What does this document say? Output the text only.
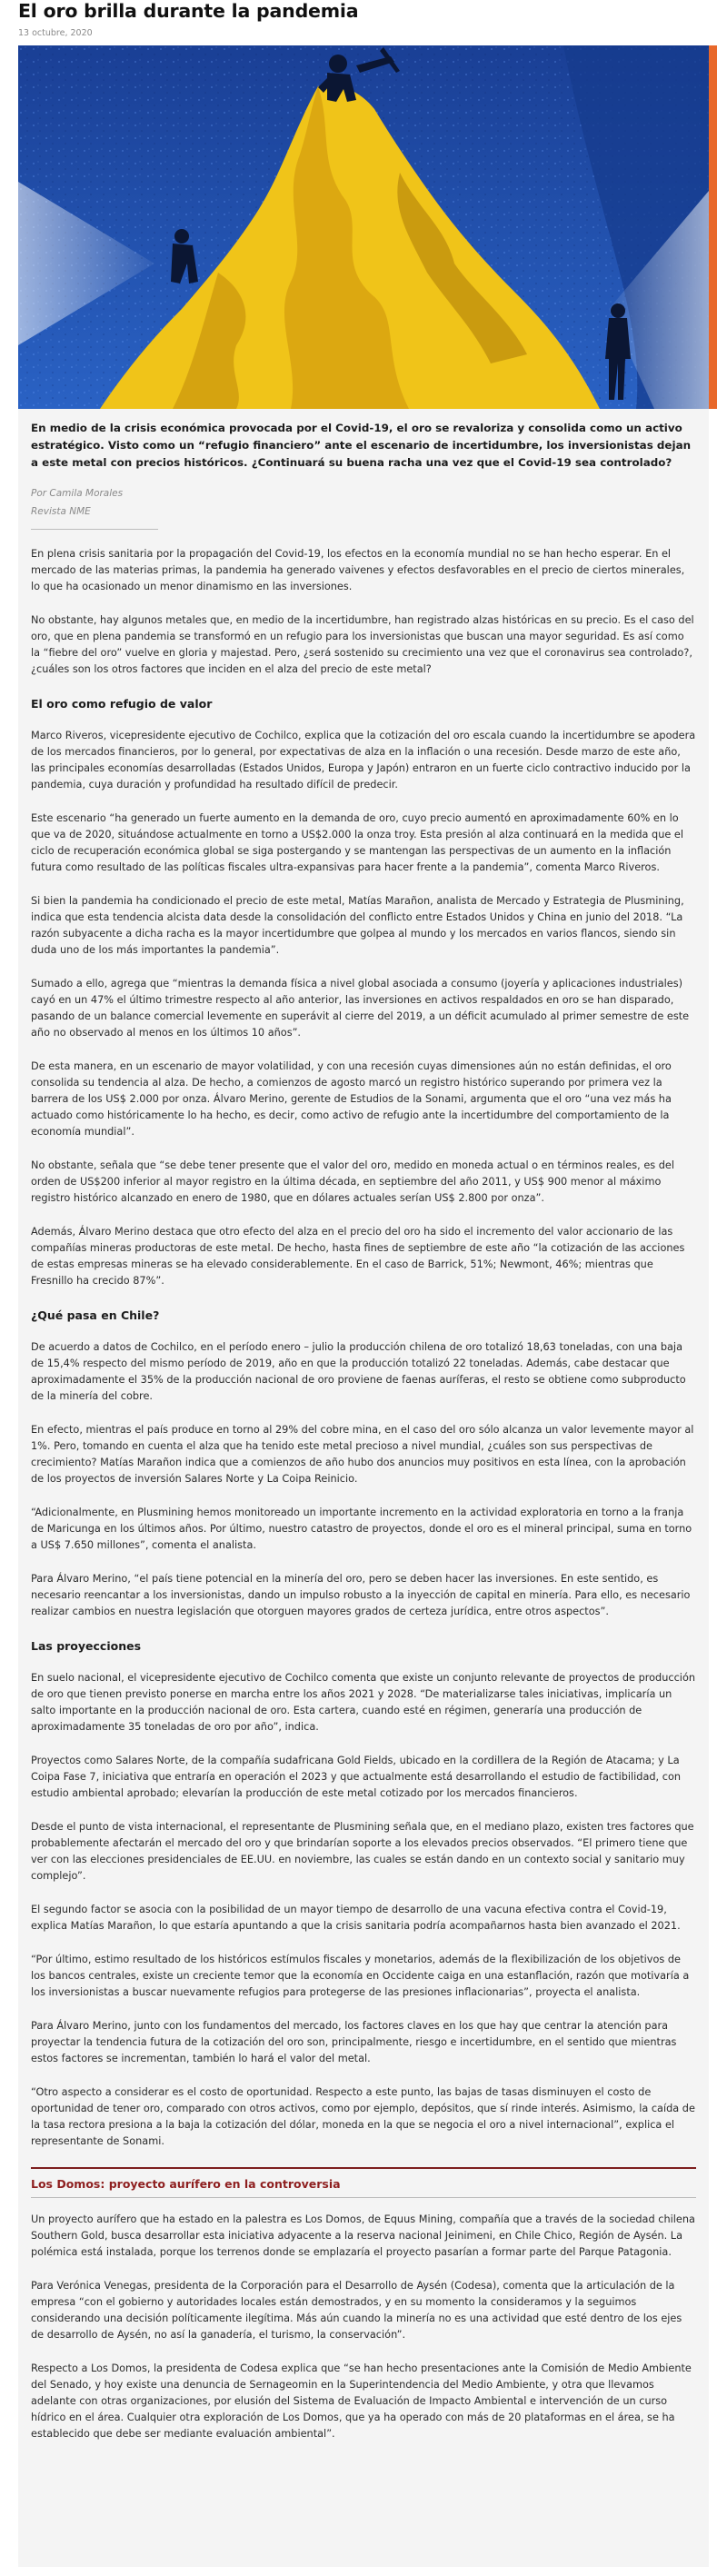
El oro brilla durante la pandemia
13 octubre, 2020

En medio de la crisis económica provocada por el Covid-19, el oro se revaloriza y consolida como un activo estratégico. Visto como un “refugio financiero” ante el escenario de incertidumbre, los inversionistas dejan a este metal con precios históricos. ¿Continuará su buena racha una vez que el Covid-19 sea controlado?

Por Camila Morales
Revista NME

En plena crisis sanitaria por la propagación del Covid-19, los efectos en la economía mundial no se han hecho esperar. En el mercado de las materias primas, la pandemia ha generado vaivenes y efectos desfavorables en el precio de ciertos minerales, lo que ha ocasionado un menor dinamismo en las inversiones.

No obstante, hay algunos metales que, en medio de la incertidumbre, han registrado alzas históricas en su precio. Es el caso del oro, que en plena pandemia se transformó en un refugio para los inversionistas que buscan una mayor seguridad. Es así como la “fiebre del oro” vuelve en gloria y majestad. Pero, ¿será sostenido su crecimiento una vez que el coronavirus sea controlado?, ¿cuáles son los otros factores que inciden en el alza del precio de este metal?

El oro como refugio de valor

Marco Riveros, vicepresidente ejecutivo de Cochilco, explica que la cotización del oro escala cuando la incertidumbre se apodera de los mercados financieros, por lo general, por expectativas de alza en la inflación o una recesión. Desde marzo de este año, las principales economías desarrolladas (Estados Unidos, Europa y Japón) entraron en un fuerte ciclo contractivo inducido por la pandemia, cuya duración y profundidad ha resultado difícil de predecir.

Este escenario “ha generado un fuerte aumento en la demanda de oro, cuyo precio aumentó en aproximadamente 60% en lo que va de 2020, situándose actualmente en torno a US$2.000 la onza troy. Esta presión al alza continuará en la medida que el ciclo de recuperación económica global se siga postergando y se mantengan las perspectivas de un aumento en la inflación futura como resultado de las políticas fiscales ultra-expansivas para hacer frente a la pandemia”, comenta Marco Riveros.

Si bien la pandemia ha condicionado el precio de este metal, Matías Marañon, analista de Mercado y Estrategia de Plusmining, indica que esta tendencia alcista data desde la consolidación del conflicto entre Estados Unidos y China en junio del 2018. “La razón subyacente a dicha racha es la mayor incertidumbre que golpea al mundo y los mercados en varios flancos, siendo sin duda uno de los más importantes la pandemia”.

Sumado a ello, agrega que “mientras la demanda física a nivel global asociada a consumo (joyería y aplicaciones industriales) cayó en un 47% el último trimestre respecto al año anterior, las inversiones en activos respaldados en oro se han disparado, pasando de un balance comercial levemente en superávit al cierre del 2019, a un déficit acumulado al primer semestre de este año no observado al menos en los últimos 10 años”.

De esta manera, en un escenario de mayor volatilidad, y con una recesión cuyas dimensiones aún no están definidas, el oro consolida su tendencia al alza. De hecho, a comienzos de agosto marcó un registro histórico superando por primera vez la barrera de los US$ 2.000 por onza. Álvaro Merino, gerente de Estudios de la Sonami, argumenta que el oro “una vez más ha actuado como históricamente lo ha hecho, es decir, como activo de refugio ante la incertidumbre del comportamiento de la economía mundial”.

No obstante, señala que “se debe tener presente que el valor del oro, medido en moneda actual o en términos reales, es del orden de US$200 inferior al mayor registro en la última década, en septiembre del año 2011, y US$ 900 menor al máximo registro histórico alcanzado en enero de 1980, que en dólares actuales serían US$ 2.800 por onza”.

Además, Álvaro Merino destaca que otro efecto del alza en el precio del oro ha sido el incremento del valor accionario de las compañías mineras productoras de este metal. De hecho, hasta fines de septiembre de este año “la cotización de las acciones de estas empresas mineras se ha elevado considerablemente. En el caso de Barrick, 51%; Newmont, 46%; mientras que Fresnillo ha crecido 87%”.

¿Qué pasa en Chile?

De acuerdo a datos de Cochilco, en el período enero – julio la producción chilena de oro totalizó 18,63 toneladas, con una baja de 15,4% respecto del mismo período de 2019, año en que la producción totalizó 22 toneladas. Además, cabe destacar que aproximadamente el 35% de la producción nacional de oro proviene de faenas auríferas, el resto se obtiene como subproducto de la minería del cobre.

En efecto, mientras el país produce en torno al 29% del cobre mina, en el caso del oro sólo alcanza un valor levemente mayor al 1%. Pero, tomando en cuenta el alza que ha tenido este metal precioso a nivel mundial, ¿cuáles son sus perspectivas de crecimiento? Matías Marañon indica que a comienzos de año hubo dos anuncios muy positivos en esta línea, con la aprobación de los proyectos de inversión Salares Norte y La Coipa Reinicio.

“Adicionalmente, en Plusmining hemos monitoreado un importante incremento en la actividad exploratoria en torno a la franja de Maricunga en los últimos años. Por último, nuestro catastro de proyectos, donde el oro es el mineral principal, suma en torno a US$ 7.650 millones”, comenta el analista.

Para Álvaro Merino, “el país tiene potencial en la minería del oro, pero se deben hacer las inversiones. En este sentido, es necesario reencantar a los inversionistas, dando un impulso robusto a la inyección de capital en minería. Para ello, es necesario realizar cambios en nuestra legislación que otorguen mayores grados de certeza jurídica, entre otros aspectos”.

Las proyecciones

En suelo nacional, el vicepresidente ejecutivo de Cochilco comenta que existe un conjunto relevante de proyectos de producción de oro que tienen previsto ponerse en marcha entre los años 2021 y 2028. “De materializarse tales iniciativas, implicaría un salto importante en la producción nacional de oro. Esta cartera, cuando esté en régimen, generaría una producción de aproximadamente 35 toneladas de oro por año”, indica.

Proyectos como Salares Norte, de la compañía sudafricana Gold Fields, ubicado en la cordillera de la Región de Atacama; y La Coipa Fase 7, iniciativa que entraría en operación el 2023 y que actualmente está desarrollando el estudio de factibilidad, con estudio ambiental aprobado; elevarían la producción de este metal cotizado por los mercados financieros.

Desde el punto de vista internacional, el representante de Plusmining señala que, en el mediano plazo, existen tres factores que probablemente afectarán el mercado del oro y que brindarían soporte a los elevados precios observados. “El primero tiene que ver con las elecciones presidenciales de EE.UU. en noviembre, las cuales se están dando en un contexto social y sanitario muy complejo”.

El segundo factor se asocia con la posibilidad de un mayor tiempo de desarrollo de una vacuna efectiva contra el Covid-19, explica Matías Marañon, lo que estaría apuntando a que la crisis sanitaria podría acompañarnos hasta bien avanzado el 2021.

“Por último, estimo resultado de los históricos estímulos fiscales y monetarios, además de la flexibilización de los objetivos de los bancos centrales, existe un creciente temor que la economía en Occidente caiga en una estanflación, razón que motivaría a los inversionistas a buscar nuevamente refugios para protegerse de las presiones inflacionarias”, proyecta el analista.

Para Álvaro Merino, junto con los fundamentos del mercado, los factores claves en los que hay que centrar la atención para proyectar la tendencia futura de la cotización del oro son, principalmente, riesgo e incertidumbre, en el sentido que mientras estos factores se incrementan, también lo hará el valor del metal.

“Otro aspecto a considerar es el costo de oportunidad. Respecto a este punto, las bajas de tasas disminuyen el costo de oportunidad de tener oro, comparado con otros activos, como por ejemplo, depósitos, que sí rinde interés. Asimismo, la caída de la tasa rectora presiona a la baja la cotización del dólar, moneda en la que se negocia el oro a nivel internacional”, explica el representante de Sonami.

Los Domos: proyecto aurífero en la controversia

Un proyecto aurífero que ha estado en la palestra es Los Domos, de Equus Mining, compañía que a través de la sociedad chilena Southern Gold, busca desarrollar esta iniciativa adyacente a la reserva nacional Jeinimeni, en Chile Chico, Región de Aysén. La polémica está instalada, porque los terrenos donde se emplazaría el proyecto pasarían a formar parte del Parque Patagonia.

Para Verónica Venegas, presidenta de la Corporación para el Desarrollo de Aysén (Codesa), comenta que la articulación de la empresa “con el gobierno y autoridades locales están demostrados, y en su momento la consideramos y la seguimos considerando una decisión políticamente ilegítima. Más aún cuando la minería no es una actividad que esté dentro de los ejes de desarrollo de Aysén, no así la ganadería, el turismo, la conservación”.

Respecto a Los Domos, la presidenta de Codesa explica que “se han hecho presentaciones ante la Comisión de Medio Ambiente del Senado, y hoy existe una denuncia de Sernageomin en la Superintendencia del Medio Ambiente, y otra que llevamos adelante con otras organizaciones, por elusión del Sistema de Evaluación de Impacto Ambiental e intervención de un curso hídrico en el área. Cualquier otra exploración de Los Domos, que ya ha operado con más de 20 plataformas en el área, se ha establecido que debe ser mediante evaluación ambiental”.
